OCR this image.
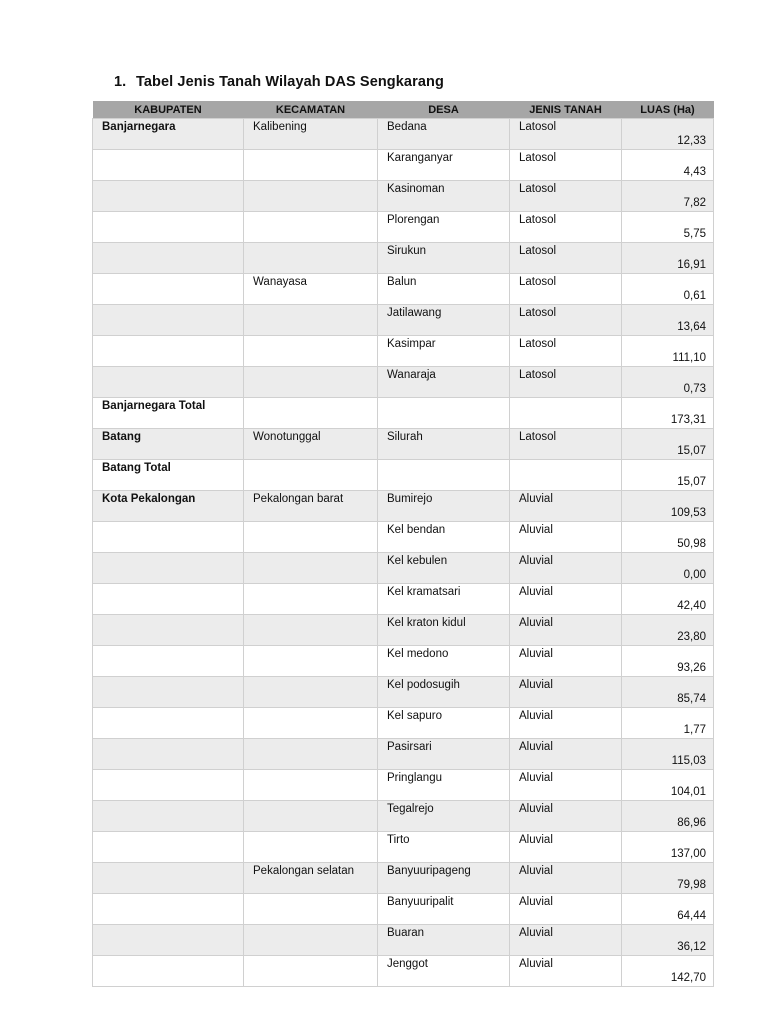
1. Tabel Jenis Tanah Wilayah DAS Sengkarang
KABUPATEN	KECAMATAN	DESA	JENIS TANAH	LUAS (Ha)
Banjarnegara	Kalibening	Bedana	Latosol	12,33
		Karanganyar	Latosol	4,43
		Kasinoman	Latosol	7,82
		Plorengan	Latosol	5,75
		Sirukun	Latosol	16,91
	Wanayasa	Balun	Latosol	0,61
		Jatilawang	Latosol	13,64
		Kasimpar	Latosol	111,10
		Wanaraja	Latosol	0,73
Banjarnegara Total				173,31
Batang	Wonotunggal	Silurah	Latosol	15,07
Batang Total				15,07
Kota Pekalongan	Pekalongan barat	Bumirejo	Aluvial	109,53
		Kel bendan	Aluvial	50,98
		Kel kebulen	Aluvial	0,00
		Kel kramatsari	Aluvial	42,40
		Kel kraton kidul	Aluvial	23,80
		Kel medono	Aluvial	93,26
		Kel podosugih	Aluvial	85,74
		Kel sapuro	Aluvial	1,77
		Pasirsari	Aluvial	115,03
		Pringlangu	Aluvial	104,01
		Tegalrejo	Aluvial	86,96
		Tirto	Aluvial	137,00
	Pekalongan selatan	Banyuuripageng	Aluvial	79,98
		Banyuuripalit	Aluvial	64,44
		Buaran	Aluvial	36,12
		Jenggot	Aluvial	142,70
